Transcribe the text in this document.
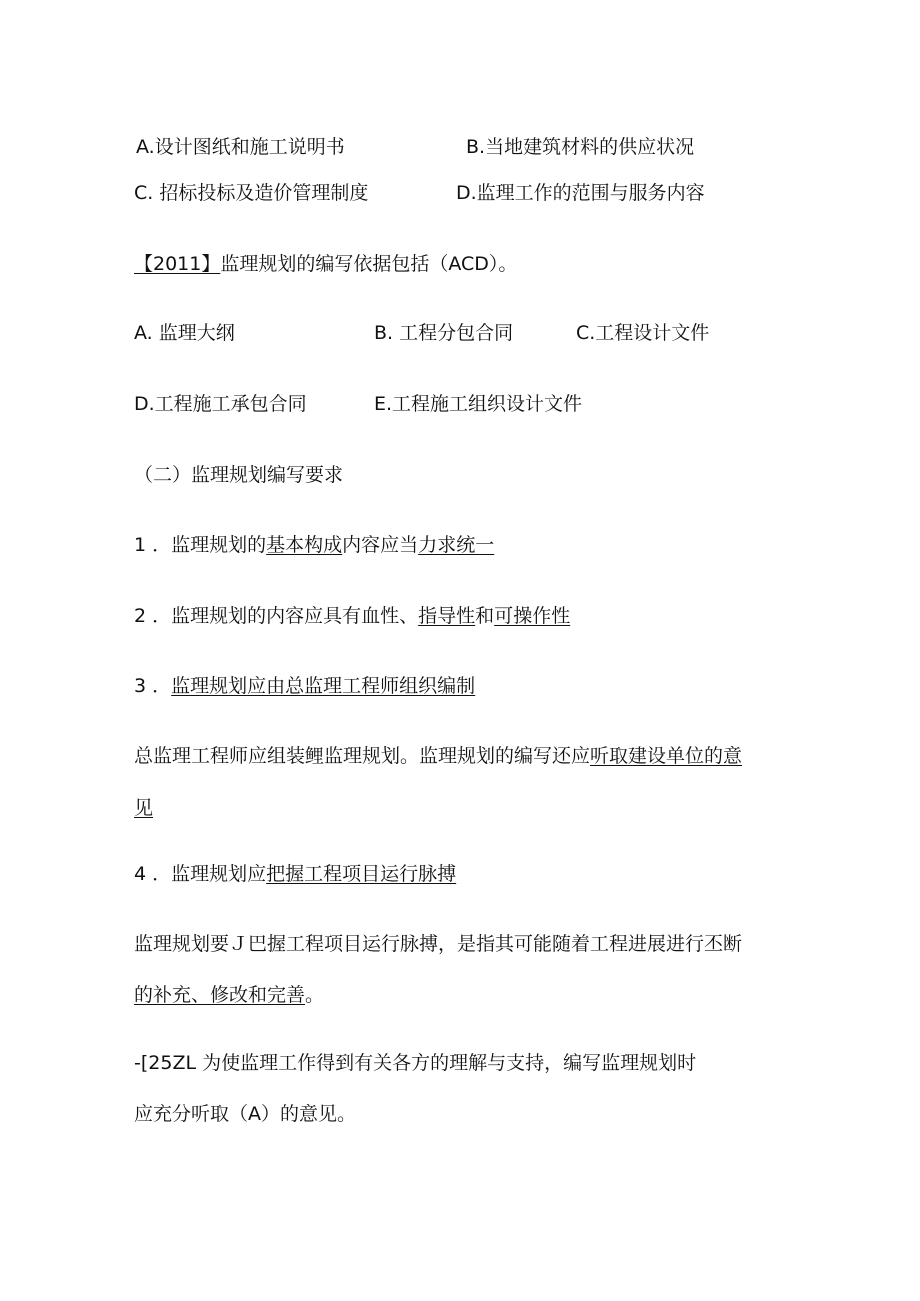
A.设计图纸和施工说明书	B.当地建筑材料的供应状况
C. 招标投标及造价管理制度	D.监理工作的范围与服务内容
【2011】监理规划的编写依据包括（ACD）。
A. 监理大纲	B. 工程分包合同	C.工程设计文件
D.工程施工承包合同	E.工程施工组织设计文件
（二）监理规划编写要求
1 ．监理规划的基本构成内容应当力求统一
2 ．监理规划的内容应具有血性、指导性和可操作性
3 ．监理规划应由总监理工程师组织编制
总监理工程师应组装鲤监理规划。监理规划的编写还应听取建设单位的意
见
4 ．监理规划应把握工程项目运行脉搏
监理规划要Ｊ巴握工程项目运行脉搏，是指其可能随着工程进展进行丕断
的补充、修改和完善。
-[25ZL 为使监理工作得到有关各方的理解与支持，编写监理规划时
应充分听取（A）的意见。
